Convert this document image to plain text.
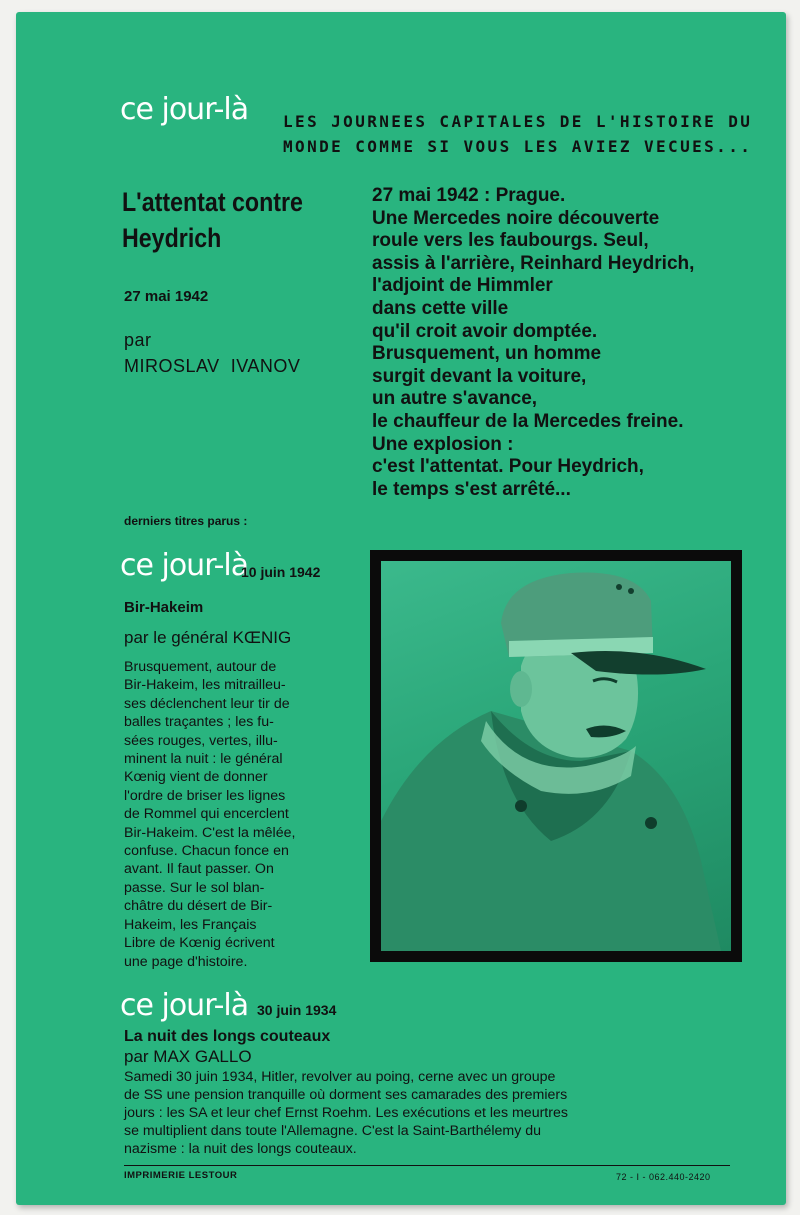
ce jour-là LES JOURNEES CAPITALES DE L'HISTOIRE DU
MONDE COMME SI VOUS LES AVIEZ VECUES...
L'attentat contre
Heydrich
27 mai 1942
par
MIROSLAV  IVANOV

27 mai 1942 : Prague.

Une Mercedes noire découverte

roule vers les faubourgs. Seul,

assis à l'arrière, Reinhard Heydrich,

l'adjoint de Himmler

dans cette ville

qu'il croit avoir domptée.

Brusquement, un homme

surgit devant la voiture,

un autre s'avance,

le chauffeur de la Mercedes freine.

Une explosion :

c'est l'attentat. Pour Heydrich,

le temps s'est arrêté...

derniers titres parus :
ce jour-là
10 juin 1942
Bir-Hakeim
par le général KŒNIG

Brusquement, autour de

Bir-Hakeim, les mitrailleu-

ses déclenchent leur tir de

balles traçantes ; les fu-

sées rouges, vertes, illu-

minent la nuit : le général

Kœnig vient de donner

l'ordre de briser les lignes

de Rommel qui encerclent

Bir-Hakeim. C'est la mêlée,

confuse. Chacun fonce en

avant. Il faut passer. On

passe. Sur le sol blan-

châtre du désert de Bir-

Hakeim, les Français

Libre de Kœnig écrivent

une page d'histoire.

ce jour-là 30 juin 1934
La nuit des longs couteaux
par MAX GALLO

Samedi 30 juin 1934, Hitler, revolver au poing, cerne avec un groupe

de SS une pension tranquille où dorment ses camarades des premiers

jours : les SA et leur chef Ernst Roehm. Les exécutions et les meurtres

se multiplient dans toute l'Allemagne. C'est la Saint-Barthélemy du

nazisme : la nuit des longs couteaux.

IMPRIMERIE LESTOUR	72 - I - 062.440-2420
